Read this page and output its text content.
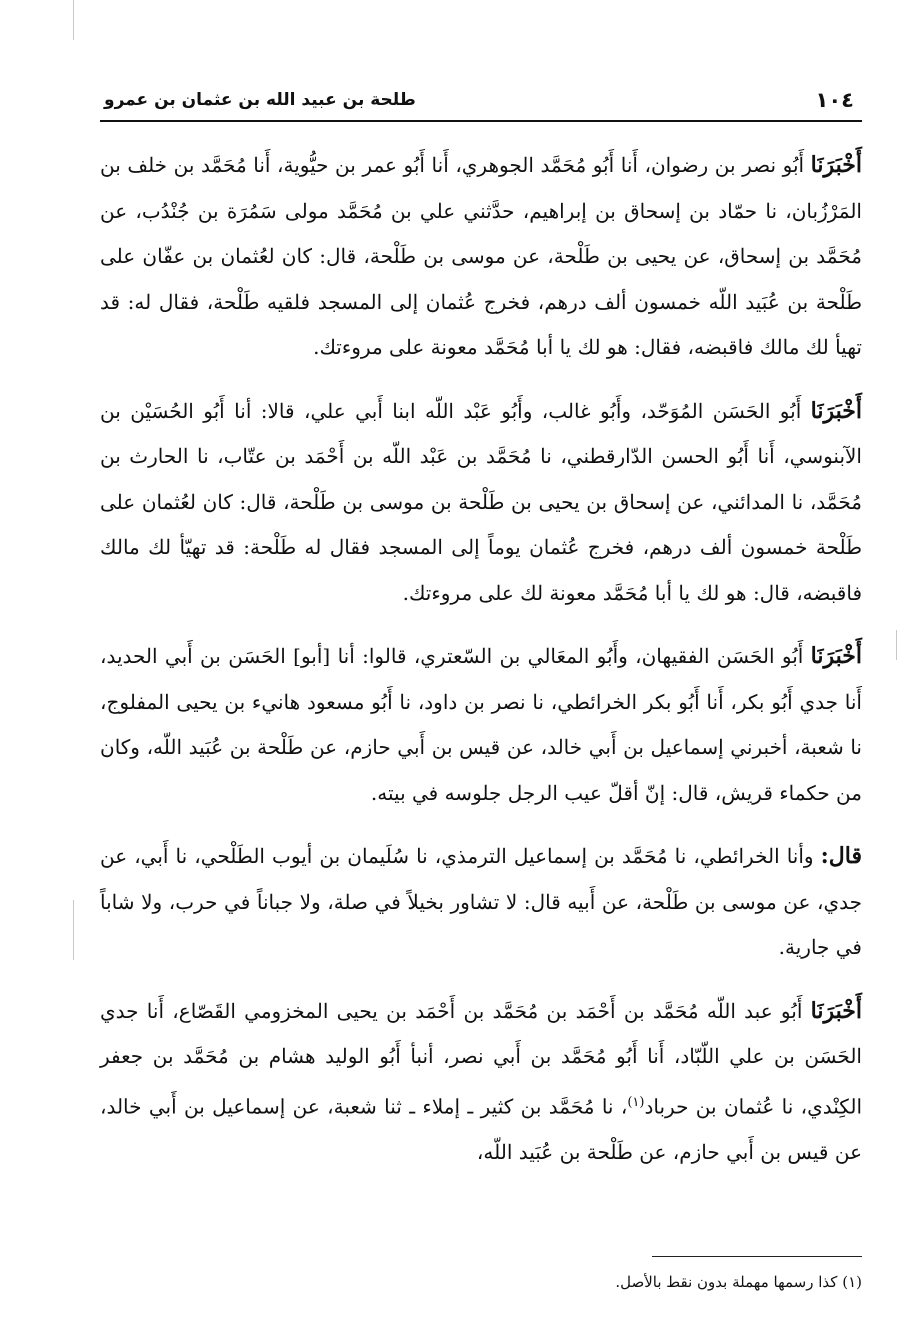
١٠٤
طلحة بن عبيد الله بن عثمان بن عمرو

أَخْبَرَنَا أَبُو نصر بن رضوان، أَنا أَبُو مُحَمَّد الجوهري، أَنا أَبُو عمر بن حيُّوية، أَنا مُحَمَّد بن خلف بن المَرْزُبان، نا حمّاد بن إسحاق بن إبراهيم، حدَّثني علي بن مُحَمَّد مولى سَمُرَة بن جُنْدُب، عن مُحَمَّد بن إسحاق، عن يحيى بن طَلْحة، عن موسى بن طَلْحة، قال: كان لعُثمان بن عفّان على طَلْحة بن عُبَيد اللّه خمسون ألف درهم، فخرج عُثمان إلى المسجد فلقيه طَلْحة، فقال له: قد تهيأ لك مالك فاقبضه، فقال: هو لك يا أبا مُحَمَّد معونة على مروءتك.

أَخْبَرَنَا أَبُو الحَسَن المُوَحّد، وأَبُو غالب، وأَبُو عَبْد اللّه ابنا أَبي علي، قالا: أنا أَبُو الحُسَيْن بن الآبنوسي، أَنا أَبُو الحسن الدّارقطني، نا مُحَمَّد بن عَبْد اللّه بن أَحْمَد بن عتّاب، نا الحارث بن مُحَمَّد، نا المدائني، عن إسحاق بن يحيى بن طَلْحة بن موسى بن طَلْحة، قال: كان لعُثمان على طَلْحة خمسون ألف درهم، فخرج عُثمان يوماً إلى المسجد فقال له طَلْحة: قد تهيّأ لك مالك فاقبضه، قال: هو لك يا أبا مُحَمَّد معونة لك على مروءتك.

أَخْبَرَنَا أَبُو الحَسَن الفقيهان، وأَبُو المعَالي بن السّعتري، قالوا: أنا [أبو] الحَسَن بن أَبي الحديد، أَنا جدي أَبُو بكر، أَنا أَبُو بكر الخرائطي، نا نصر بن داود، نا أَبُو مسعود هانيء بن يحيى المفلوج، نا شعبة، أخبرني إسماعيل بن أَبي خالد، عن قيس بن أَبي حازم، عن طَلْحة بن عُبَيد اللّه، وكان من حكماء قريش، قال: إنّ أقلّ عيب الرجل جلوسه في بيته.

قال: وأنا الخرائطي، نا مُحَمَّد بن إسماعيل الترمذي، نا سُلَيمان بن أيوب الطَلْحي، نا أَبي، عن جدي، عن موسى بن طَلْحة، عن أَبيه قال: لا تشاور بخيلاً في صلة، ولا جباناً في حرب، ولا شاباً في جارية.

أَخْبَرَنَا أَبُو عبد اللّه مُحَمَّد بن أَحْمَد بن مُحَمَّد بن أَحْمَد بن يحيى المخزومي القَصّاع، أَنا جدي الحَسَن بن علي اللّبّاد، أَنا أَبُو مُحَمَّد بن أَبي نصر، أنبأ أَبُو الوليد هشام بن مُحَمَّد بن جعفر الكِنْدي، نا عُثمان بن حرباد$^{(١)}$، نا مُحَمَّد بن كثير ـ إملاء ـ ثنا شعبة، عن إسماعيل بن أَبي خالد، عن قيس بن أَبي حازم، عن طَلْحة بن عُبَيد اللّه،

(١) كذا رسمها مهملة بدون نقط بالأصل.
